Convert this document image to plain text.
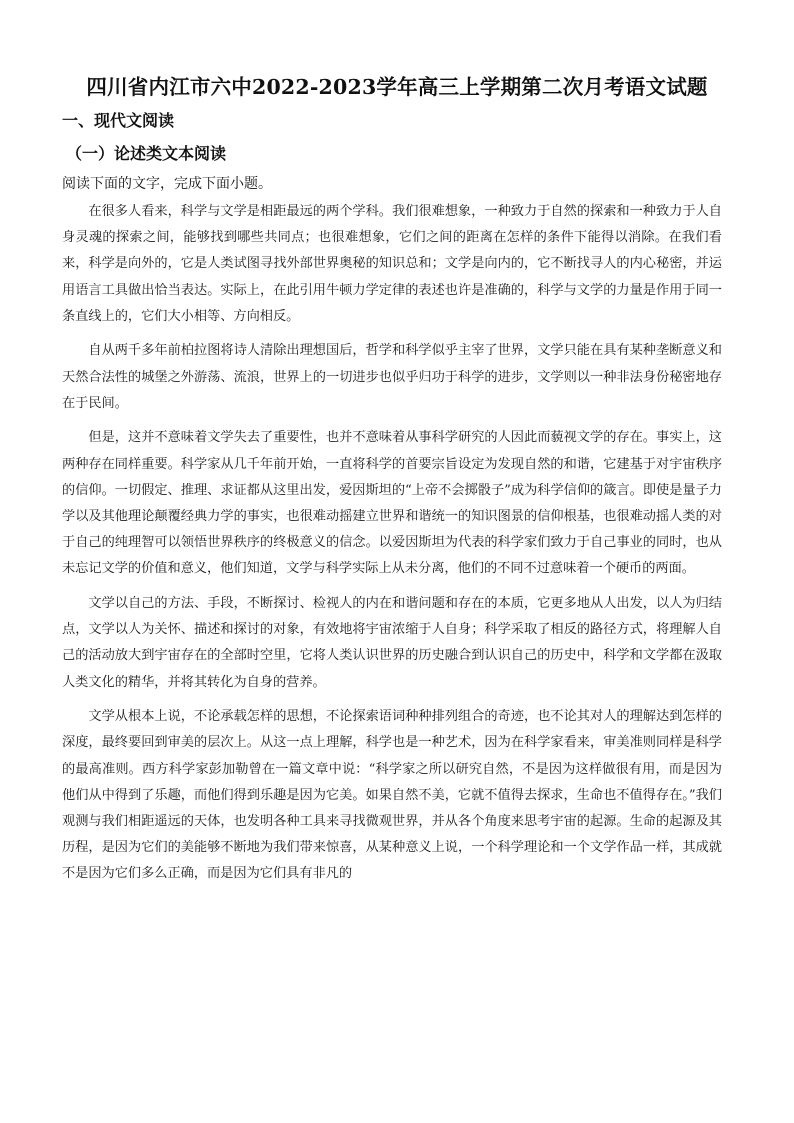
四川省内江市六中2022-2023学年高三上学期第二次月考语文试题
一、现代文阅读
（一）论述类文本阅读
阅读下面的文字，完成下面小题。

在很多人看来，科学与文学是相距最远的两个学科。我们很难想象，一种致力于自然的探索和一种致力于人自身灵魂的探索之间，能够找到哪些共同点；也很难想象，它们之间的距离在怎样的条件下能得以消除。在我们看来，科学是向外的，它是人类试图寻找外部世界奥秘的知识总和；文学是向内的，它不断找寻人的内心秘密，并运用语言工具做出恰当表达。实际上，在此引用牛顿力学定律的表述也许是准确的，科学与文学的力量是作用于同一条直线上的，它们大小相等、方向相反。

自从两千多年前柏拉图将诗人清除出理想国后，哲学和科学似乎主宰了世界，文学只能在具有某种垄断意义和天然合法性的城堡之外游荡、流浪，世界上的一切进步也似乎归功于科学的进步，文学则以一种非法身份秘密地存在于民间。

但是，这并不意味着文学失去了重要性，也并不意味着从事科学研究的人因此而藐视文学的存在。事实上，这两种存在同样重要。科学家从几千年前开始，一直将科学的首要宗旨设定为发现自然的和谐，它建基于对宇宙秩序的信仰。一切假定、推理、求证都从这里出发，爱因斯坦的“上帝不会掷骰子”成为科学信仰的箴言。即使是量子力学以及其他理论颠覆经典力学的事实，也很难动摇建立世界和谐统一的知识图景的信仰根基，也很难动摇人类的对于自己的纯理智可以领悟世界秩序的终极意义的信念。以爱因斯坦为代表的科学家们致力于自己事业的同时，也从未忘记文学的价值和意义，他们知道，文学与科学实际上从未分离，他们的不同不过意味着一个硬币的两面。

文学以自己的方法、手段，不断探讨、检视人的内在和谐问题和存在的本质，它更多地从人出发，以人为归结点，文学以人为关怀、描述和探讨的对象，有效地将宇宙浓缩于人自身；科学采取了相反的路径方式，将理解人自己的活动放大到宇宙存在的全部时空里，它将人类认识世界的历史融合到认识自己的历史中，科学和文学都在汲取人类文化的精华，并将其转化为自身的营养。

文学从根本上说，不论承载怎样的思想，不论探索语词种种排列组合的奇迹，也不论其对人的理解达到怎样的深度，最终要回到审美的层次上。从这一点上理解，科学也是一种艺术，因为在科学家看来，审美准则同样是科学的最高准则。西方科学家彭加勒曾在一篇文章中说：“科学家之所以研究自然，不是因为这样做很有用，而是因为他们从中得到了乐趣，而他们得到乐趣是因为它美。如果自然不美，它就不值得去探求，生命也不值得存在。”我们观测与我们相距遥远的天体，也发明各种工具来寻找微观世界，并从各个角度来思考宇宙的起源。生命的起源及其历程，是因为它们的美能够不断地为我们带来惊喜，从某种意义上说，一个科学理论和一个文学作品一样，其成就不是因为它们多么正确，而是因为它们具有非凡的
